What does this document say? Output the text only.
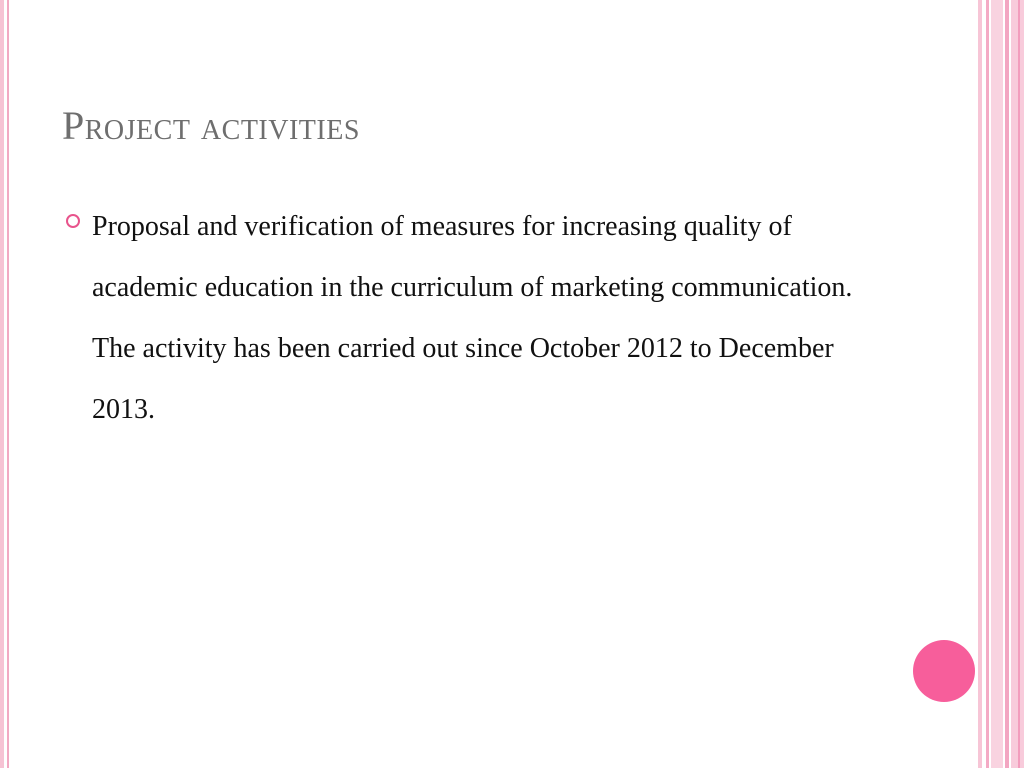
Project activities

Proposal and verification of measures for increasing quality of academic education in the curriculum of marketing communication. The activity has been carried out since October 2012 to December 2013.
